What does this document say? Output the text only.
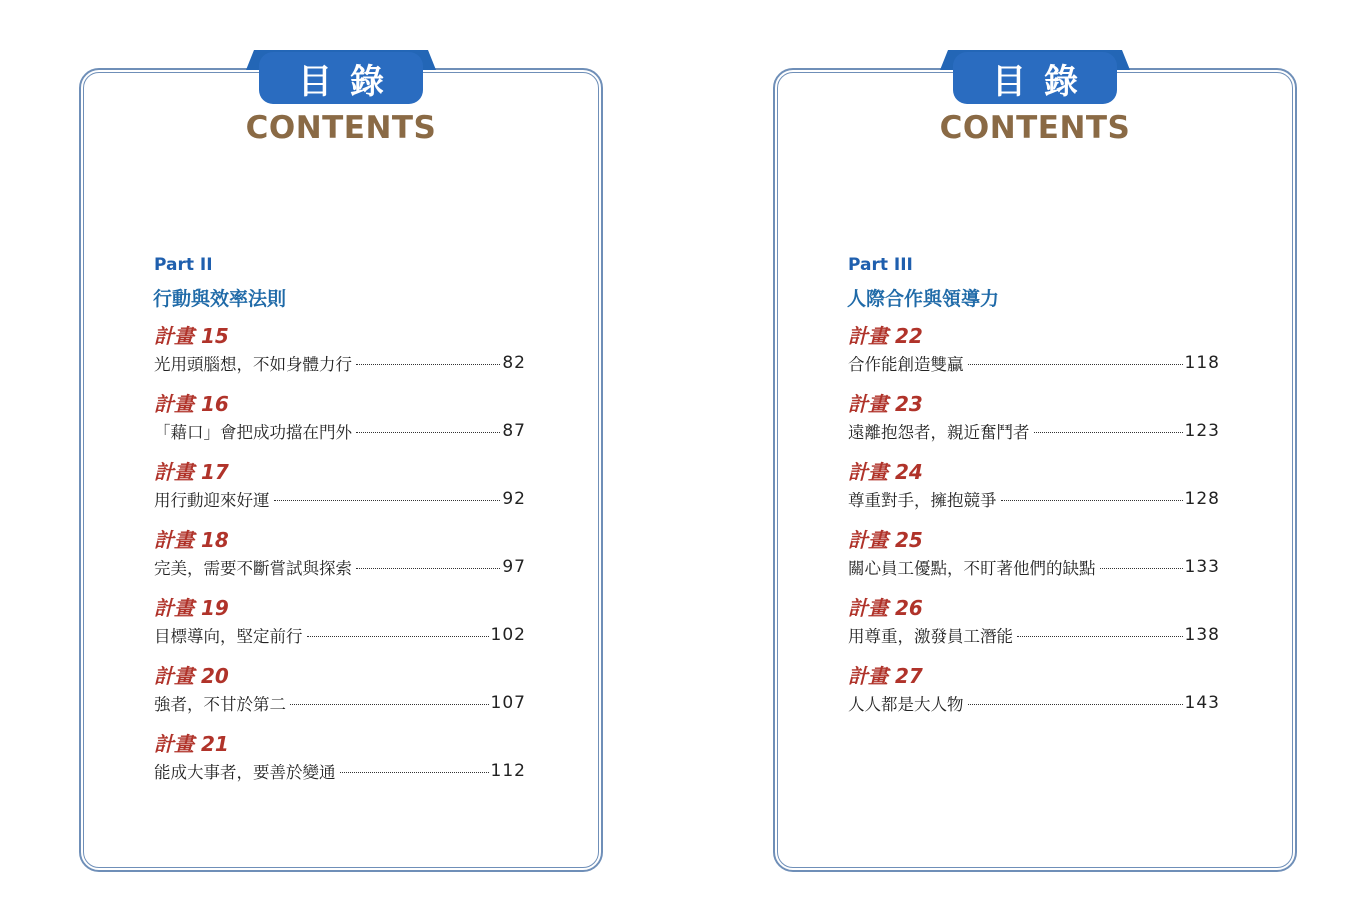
目錄
CONTENTS
Part II
行動與效率法則
計畫 15
光用頭腦想，不如身體力行	82
計畫 16
「藉口」會把成功擋在門外	87
計畫 17
用行動迎來好運	92
計畫 18
完美，需要不斷嘗試與探索	97
計畫 19
目標導向，堅定前行	102
計畫 20
強者，不甘於第二	107
計畫 21
能成大事者，要善於變通	112
目錄
CONTENTS
Part III
人際合作與領導力
計畫 22
合作能創造雙贏	118
計畫 23
遠離抱怨者，親近奮鬥者	123
計畫 24
尊重對手，擁抱競爭	128
計畫 25
關心員工優點，不盯著他們的缺點	133
計畫 26
用尊重，激發員工潛能	138
計畫 27
人人都是大人物	143
